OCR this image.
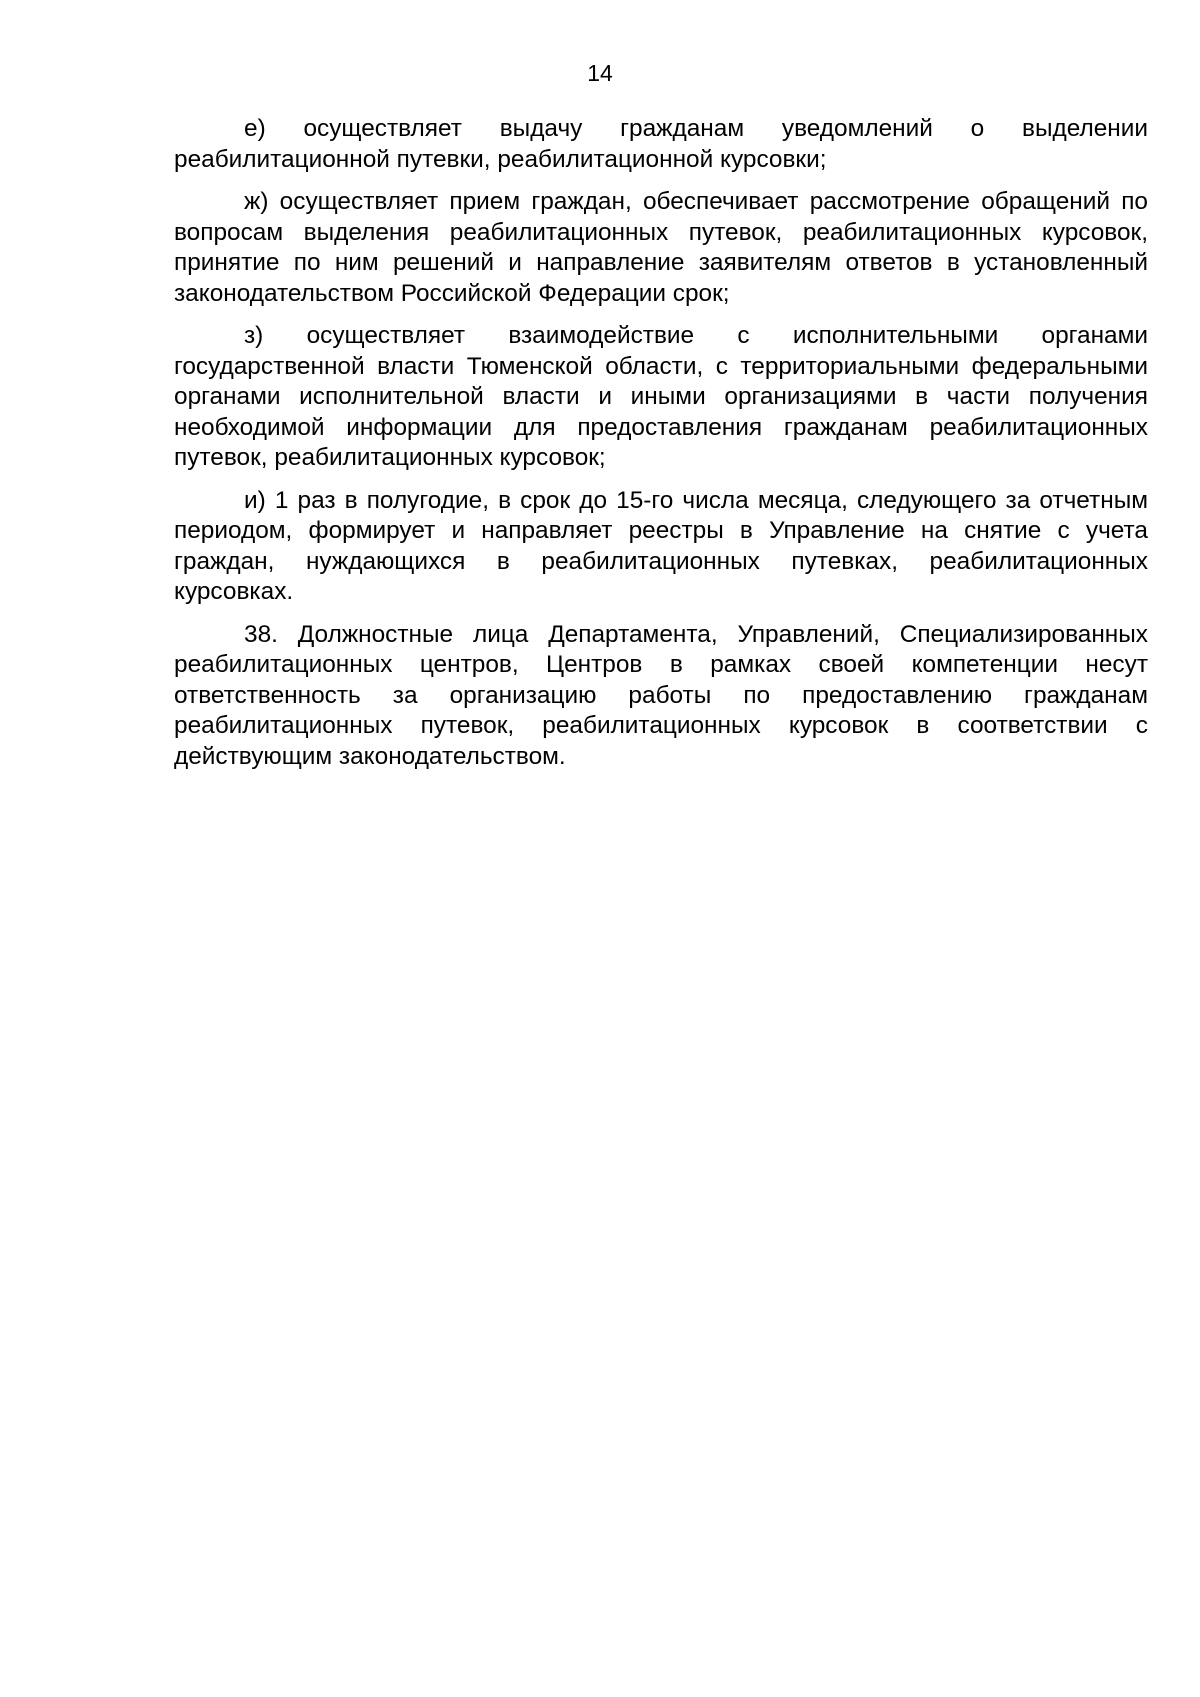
14

е) осуществляет выдачу гражданам уведомлений о выделении реабилитационной путевки, реабилитационной курсовки;

ж) осуществляет прием граждан, обеспечивает рассмотрение обращений по вопросам выделения реабилитационных путевок, реабилитационных курсовок, принятие по ним решений и направление заявителям ответов в установленный законодательством Российской Федерации срок;

з) осуществляет взаимодействие с исполнительными органами государственной власти Тюменской области, с территориальными федеральными органами исполнительной власти и иными организациями в части получения необходимой информации для предоставления гражданам реабилитационных путевок, реабилитационных курсовок;

и) 1 раз в полугодие, в срок до 15-го числа месяца, следующего за отчетным периодом, формирует и направляет реестры в Управление на снятие с учета граждан, нуждающихся в реабилитационных путевках, реабилитационных курсовках.

38. Должностные лица Департамента, Управлений, Специализированных реабилитационных центров, Центров в рамках своей компетенции несут ответственность за организацию работы по предоставлению гражданам реабилитационных путевок, реабилитационных курсовок в соответствии с действующим законодательством.
